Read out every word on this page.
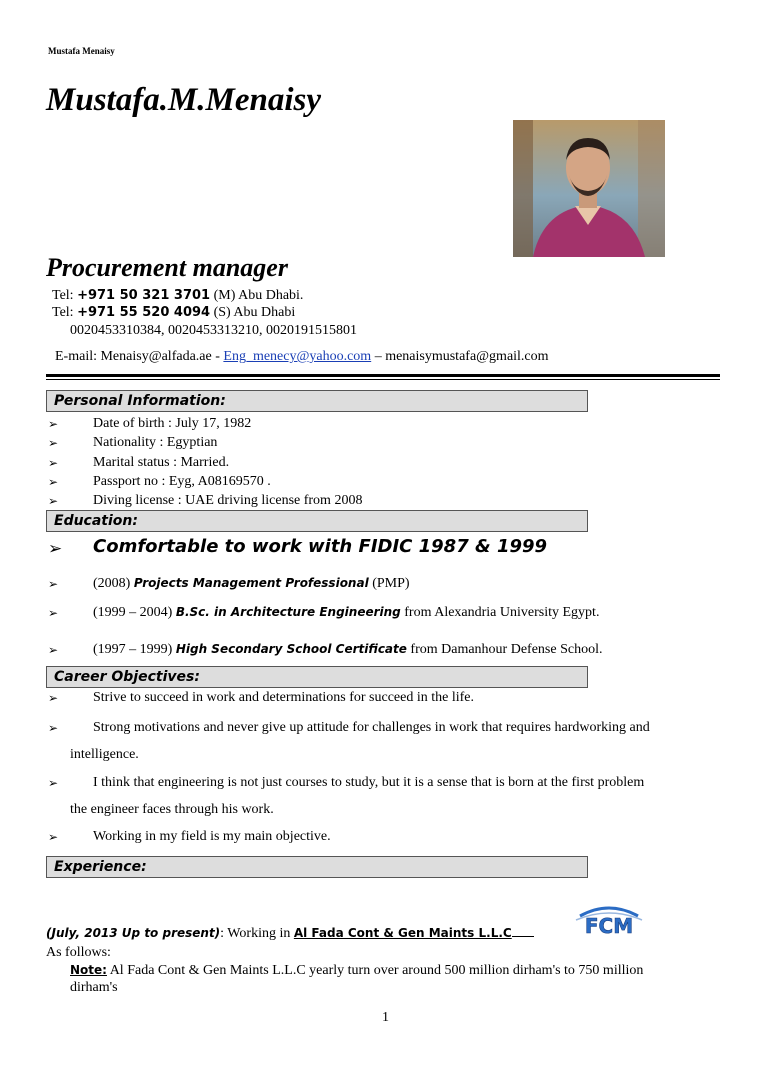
Mustafa Menaisy
Mustafa.M.Menaisy
Procurement manager
Tel: +971 50 321 3701 (M) Abu Dhabi.
Tel: +971 55 520 4094 (S) Abu Dhabi
0020453310384, 0020453313210, 0020191515801
E-mail: Menaisy@alfada.ae - Eng_menecy@yahoo.com – menaisymustafa@gmail.com
Personal Information:
➢ Date of birth : July 17, 1982
➢ Nationality : Egyptian
➢ Marital status : Married.
➢ Passport no : Eyg, A08169570 .
➢ Diving license : UAE driving license from 2008
Education:
➢ Comfortable to work with FIDIC 1987 & 1999
➢ (2008) Projects Management Professional (PMP)
➢ (1999 – 2004) B.Sc. in Architecture Engineering from Alexandria University Egypt.
➢ (1997 – 1999) High Secondary School Certificate from Damanhour Defense School.
Career Objectives:
➢ Strive to succeed in work and determinations for succeed in the life.
➢ Strong motivations and never give up attitude for challenges in work that requires hardworking and
intelligence.
➢ I think that engineering is not just courses to study, but it is a sense that is born at the first problem
the engineer faces through his work.
➢ Working in my field is my main objective.
Experience:
(July, 2013 Up to present): Working in Al Fada Cont & Gen Maints L.L.C	FCM
As follows:
Note: Al Fada Cont & Gen Maints L.L.C yearly turn over around 500 million dirham's to 750 million
dirham's
1
